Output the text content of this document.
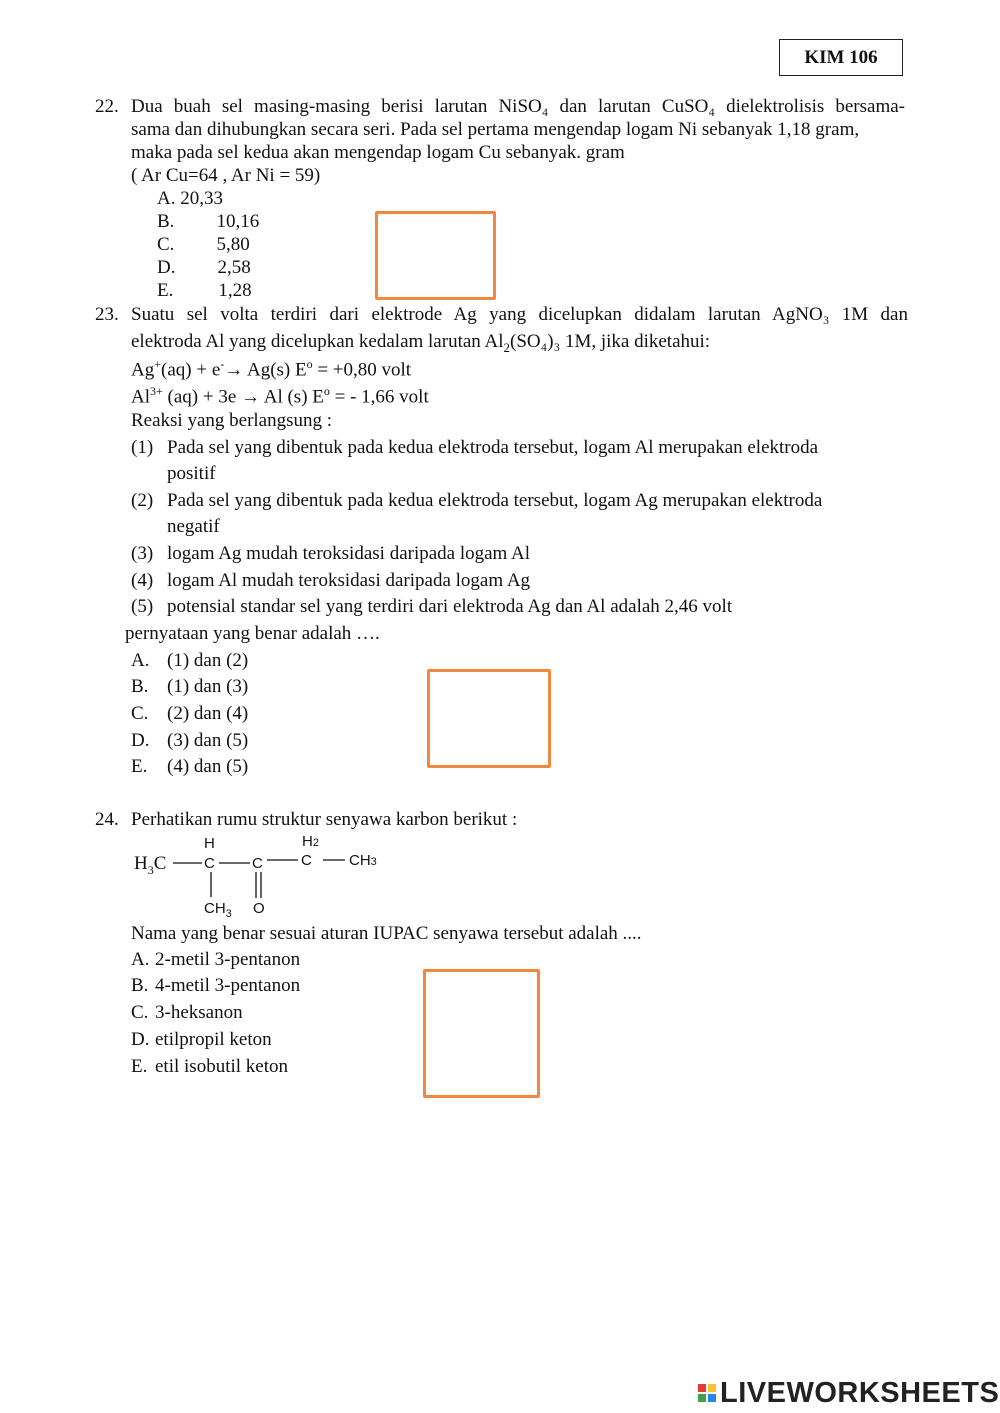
KIM 106
22. Dua buah sel masing-masing berisi larutan NiSO₄ dan larutan CuSO₄ dielektrolisis bersama-
sama dan dihubungkan secara seri. Pada sel pertama mengendap logam Ni sebanyak 1,18 gram,
maka pada sel kedua akan mengendap logam Cu sebanyak. gram
( Ar Cu=64 , Ar Ni = 59)
A. 20,33
B. 10,16
C. 5,80
D. 2,58
E. 1,28
23. Suatu sel volta terdiri dari elektrode Ag yang dicelupkan didalam larutan AgNO₃ 1M dan
elektroda Al yang dicelupkan kedalam larutan $Al_2(SO_4)_3$ 1M, jika diketahui:
Ag+(aq) + e-→ Ag(s) $E^o = +0,80$ volt
$Al^{3+}$ (aq) + 3e → Al (s) $E^o$ = - 1,66 volt
Reaksi yang berlangsung :
(1) Pada sel yang dibentuk pada kedua elektroda tersebut, logam Al merupakan elektroda
positif
(2) Pada sel yang dibentuk pada kedua elektroda tersebut, logam Ag merupakan elektroda
negatif
(3) logam Ag mudah teroksidasi daripada logam Al
(4) logam Al mudah teroksidasi daripada logam Ag
(5) potensial standar sel yang terdiri dari elektroda Ag dan Al adalah 2,46 volt
pernyataan yang benar adalah ….
A. (1) dan (2)
B. (1) dan (3)
C. (2) dan (4)
D. (3) dan (5)
E. (4) dan (5)
24. Perhatikan rumu struktur senyawa karbon berikut :
$H_3C$
H	H2
C C	C CH3
$CH_3$ O
Nama yang benar sesuai aturan IUPAC senyawa tersebut adalah ....
A. 2-metil 3-pentanon
B. 4-metil 3-pentanon
C. 3-heksanon
D. etilpropil keton
E. etil isobutil keton
LIVEWORKSHEETS
